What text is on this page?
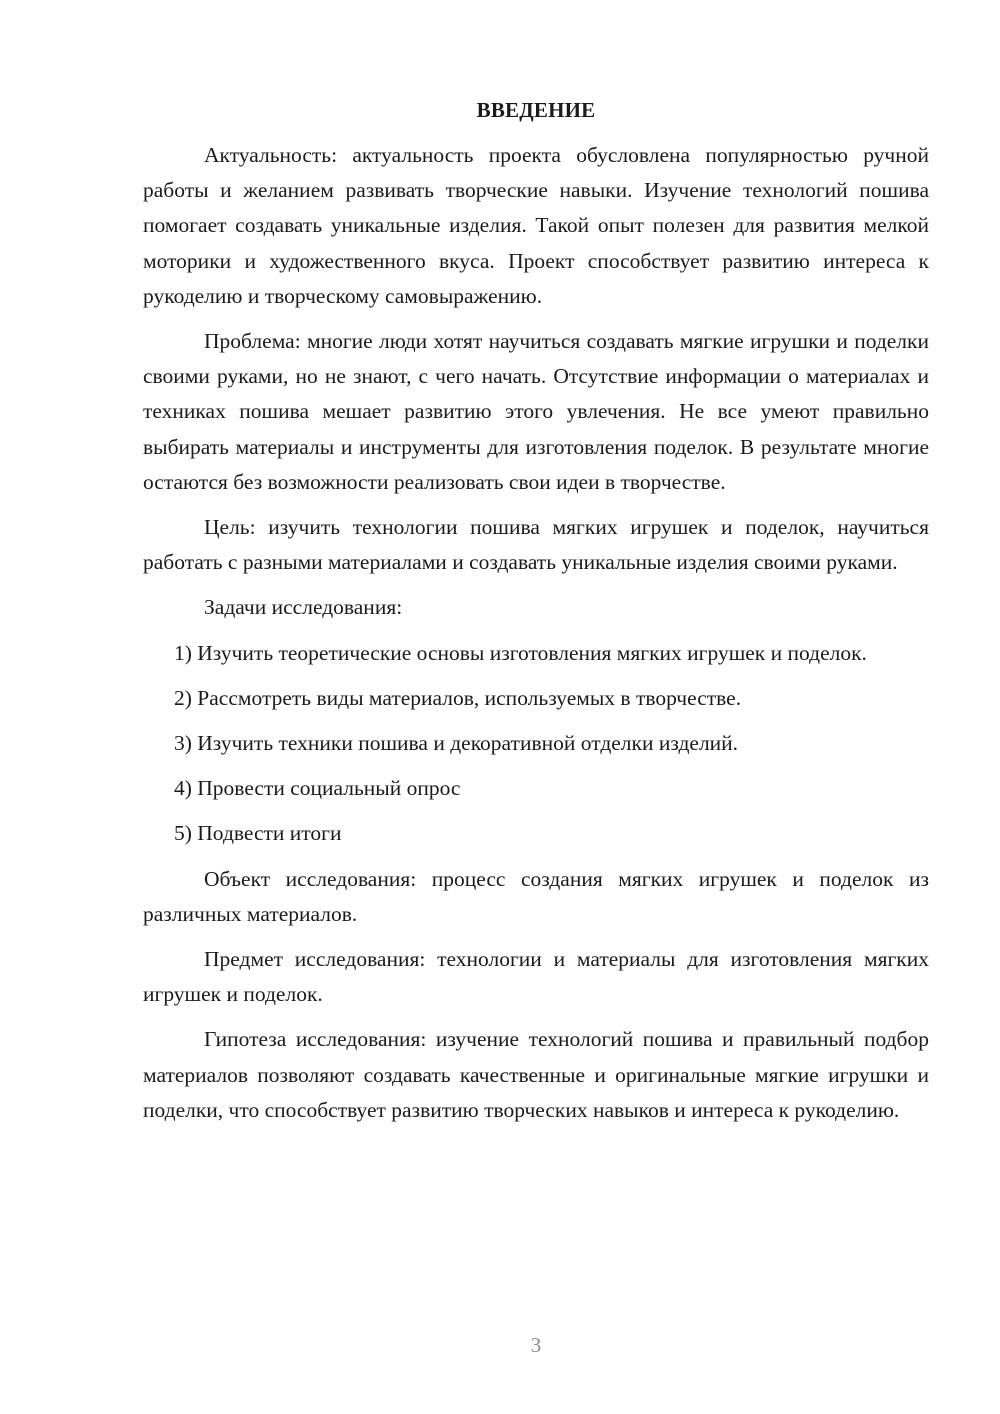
ВВЕДЕНИЕ

Актуальность: актуальность проекта обусловлена популярностью ручной работы и желанием развивать творческие навыки. Изучение технологий пошива помогает создавать уникальные изделия. Такой опыт полезен для развития мелкой моторики и художественного вкуса. Проект способствует развитию интереса к рукоделию и творческому самовыражению.

Проблема: многие люди хотят научиться создавать мягкие игрушки и поделки своими руками, но не знают, с чего начать. Отсутствие информации о материалах и техниках пошива мешает развитию этого увлечения. Не все умеют правильно выбирать материалы и инструменты для изготовления поделок. В результате многие остаются без возможности реализовать свои идеи в творчестве.

Цель: изучить технологии пошива мягких игрушек и поделок, научиться работать с разными материалами и создавать уникальные изделия своими руками.

Задачи исследования:

1) Изучить теоретические основы изготовления мягких игрушек и поделок.

2) Рассмотреть виды материалов, используемых в творчестве.

3) Изучить техники пошива и декоративной отделки изделий.

4) Провести социальный опрос

5) Подвести итоги

Объект исследования: процесс создания мягких игрушек и поделок из различных материалов.

Предмет исследования: технологии и материалы для изготовления мягких игрушек и поделок.

Гипотеза исследования: изучение технологий пошива и правильный подбор материалов позволяют создавать качественные и оригинальные мягкие игрушки и поделки, что способствует развитию творческих навыков и интереса к рукоделию.

3
